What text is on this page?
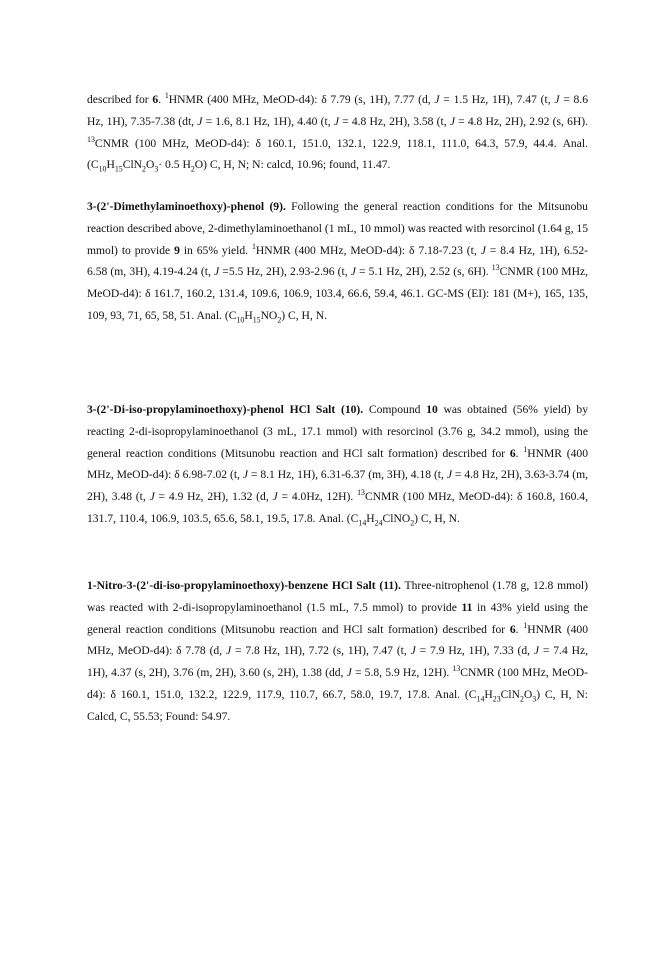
described for 6. $^1$HNMR (400 MHz, MeOD-d4): δ 7.79 (s, 1H), 7.77 (d, J = 1.5 Hz, 1H), 7.47 (t, J = 8.6 Hz, 1H), 7.35-7.38 (dt, J = 1.6, 8.1 Hz, 1H), 4.40 (t, J = 4.8 Hz, 2H), 3.58 (t, J = 4.8 Hz, 2H), 2.92 (s, 6H). $^{13}$CNMR (100 MHz, MeOD-d4): δ 160.1, 151.0, 132.1, 122.9, 118.1, 111.0, 64.3, 57.9, 44.4. Anal. ($C_{10}H_{15}ClN_2O_3\cdot 0.5$ $H_2O$) C, H, N; N: calcd, 10.96; found, 11.47.

3-(2'-Dimethylaminoethoxy)-phenol (9). Following the general reaction conditions for the Mitsunobu reaction described above, 2-dimethylaminoethanol (1 mL, 10 mmol) was reacted with resorcinol (1.64 g, 15 mmol) to provide 9 in 65% yield. $^1$HNMR (400 MHz, MeOD-d4): δ 7.18-7.23 (t, J = 8.4 Hz, 1H), 6.52-6.58 (m, 3H), 4.19-4.24 (t, J =5.5 Hz, 2H), 2.93-2.96 (t, J = 5.1 Hz, 2H), 2.52 (s, 6H). $^{13}$CNMR (100 MHz, MeOD-d4): δ 161.7, 160.2, 131.4, 109.6, 106.9, 103.4, 66.6, 59.4, 46.1. GC-MS (EI): 181 (M+), 165, 135, 109, 93, 71, 65, 58, 51. Anal. $(C_{10}H_{15}NO_2)$ C, H, N.

3-(2'-Di-iso-propylaminoethoxy)-phenol HCl Salt (10). Compound 10 was obtained (56% yield) by reacting 2-di-isopropylaminoethanol (3 mL, 17.1 mmol) with resorcinol (3.76 g, 34.2 mmol), using the general reaction conditions (Mitsunobu reaction and HCl salt formation) described for 6. $^1$HNMR (400 MHz, MeOD-d4): δ 6.98-7.02 (t, J = 8.1 Hz, 1H), 6.31-6.37 (m, 3H), 4.18 (t, J = 4.8 Hz, 2H), 3.63-3.74 (m, 2H), 3.48 (t, J = 4.9 Hz, 2H), 1.32 (d, J = 4.0Hz, 12H). $^{13}$CNMR (100 MHz, MeOD-d4): δ 160.8, 160.4, 131.7, 110.4, 106.9, 103.5, 65.6, 58.1, 19.5, 17.8. Anal. $(C_{14}H_{24}ClNO_2)$ C, H, N.

1-Nitro-3-(2'-di-iso-propylaminoethoxy)-benzene HCl Salt (11). Three-nitrophenol (1.78 g, 12.8 mmol) was reacted with 2-di-isopropylaminoethanol (1.5 mL, 7.5 mmol) to provide 11 in 43% yield using the general reaction conditions (Mitsunobu reaction and HCl salt formation) described for 6. $^1$HNMR (400 MHz, MeOD-d4): δ 7.78 (d, J = 7.8 Hz, 1H), 7.72 (s, 1H), 7.47 (t, J = 7.9 Hz, 1H), 7.33 (d, J = 7.4 Hz, 1H), 4.37 (s, 2H), 3.76 (m, 2H), 3.60 (s, 2H), 1.38 (dd, J = 5.8, 5.9 Hz, 12H). $^{13}$CNMR (100 MHz, MeOD-d4): δ 160.1, 151.0, 132.2, 122.9, 117.9, 110.7, 66.7, 58.0, 19.7, 17.8. Anal. $(C_{14}H_{23}ClN_2O_3)$ C, H, N: Calcd, C, 55.53; Found: 54.97.
